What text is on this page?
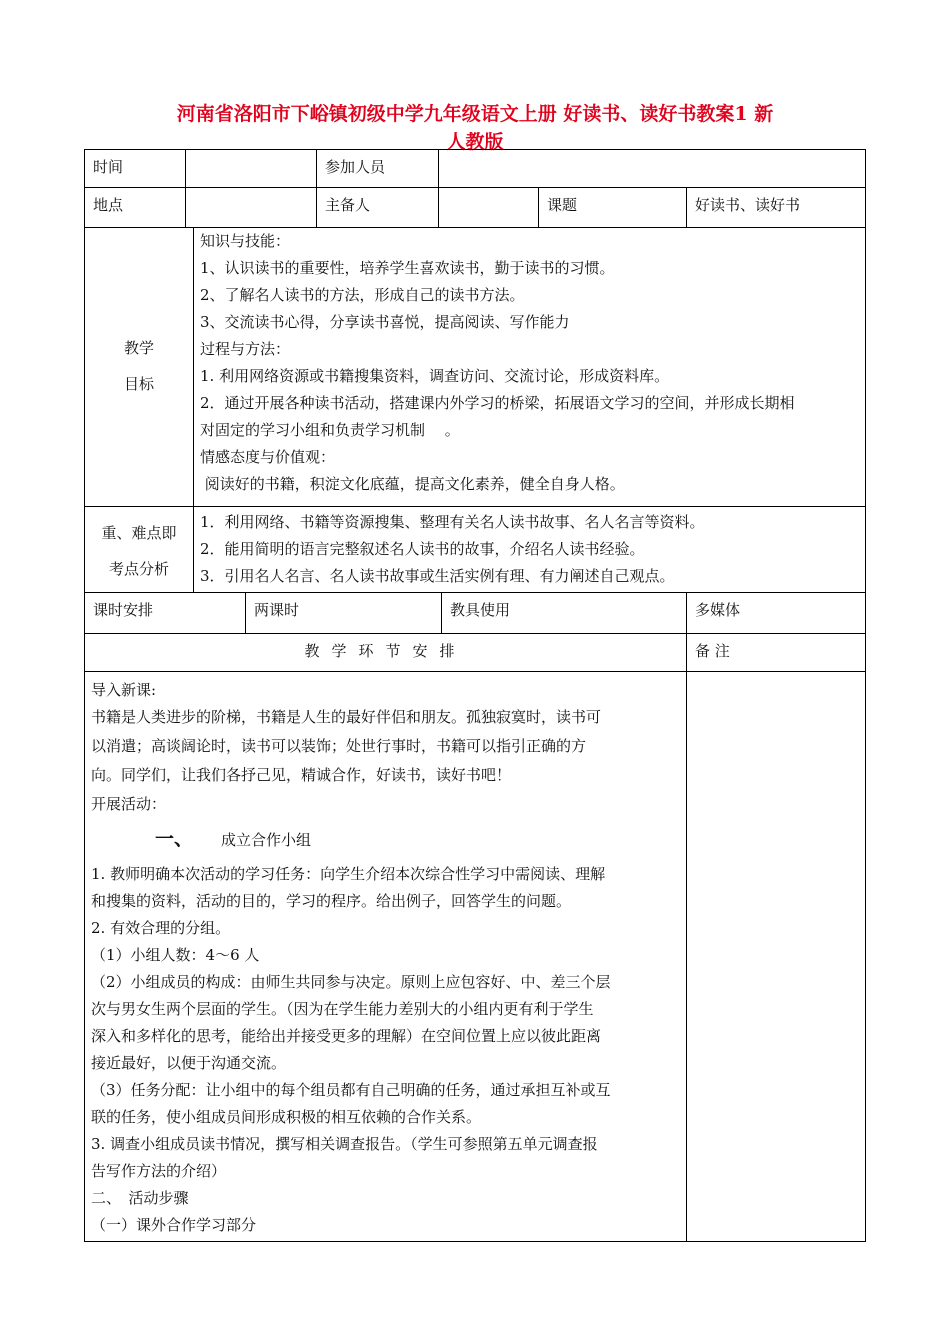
河南省洛阳市下峪镇初级中学九年级语文上册 好读书、读好书教案1 新
人教版
时间	参加人员
地点	主备人	课题	好读书、读好书
教学
目标
知识与技能：
1、认识读书的重要性，培养学生喜欢读书，勤于读书的习惯。
2、了解名人读书的方法，形成自己的读书方法。
3、交流读书心得，分享读书喜悦，提高阅读、写作能力
过程与方法：
1. 利用网络资源或书籍搜集资料，调查访问、交流讨论，形成资料库。
2．通过开展各种读书活动，搭建课内外学习的桥梁，拓展语文学习的空间，并形成长期相
对固定的学习小组和负责学习机制　 。
情感态度与价值观：
阅读好的书籍，积淀文化底蕴，提高文化素养，健全自身人格。
重、难点即
考点分析
1．利用网络、书籍等资源搜集、整理有关名人读书故事、名人名言等资料。
2．能用简明的语言完整叙述名人读书的故事，介绍名人读书经验。
3．引用名人名言、名人读书故事或生活实例有理、有力阐述自己观点。
课时安排	两课时	教具使用	多媒体
教学环节安排	备 注

导入新课:

书籍是人类进步的阶梯，书籍是人生的最好伴侣和朋友。孤独寂寞时，读书可

以消遣；高谈阔论时，读书可以装饰；处世行事时，书籍可以指引正确的方

向。同学们，让我们各抒己见，精诚合作，好读书，读好书吧！

开展活动：

一、 成立合作小组

1. 教师明确本次活动的学习任务：向学生介绍本次综合性学习中需阅读、理解

和搜集的资料，活动的目的，学习的程序。给出例子，回答学生的问题。

2. 有效合理的分组。

（1）小组人数：4～6 人

（2）小组成员的构成：由师生共同参与决定。原则上应包容好、中、差三个层

次与男女生两个层面的学生。（因为在学生能力差别大的小组内更有利于学生

深入和多样化的思考，能给出并接受更多的理解）在空间位置上应以彼此距离

接近最好，以便于沟通交流。

（3）任务分配：让小组中的每个组员都有自己明确的任务，通过承担互补或互

联的任务，使小组成员间形成积极的相互依赖的合作关系。

3. 调查小组成员读书情况，撰写相关调查报告。（学生可参照第五单元调查报

告写作方法的介绍）

二、　活动步骤

（一）课外合作学习部分
